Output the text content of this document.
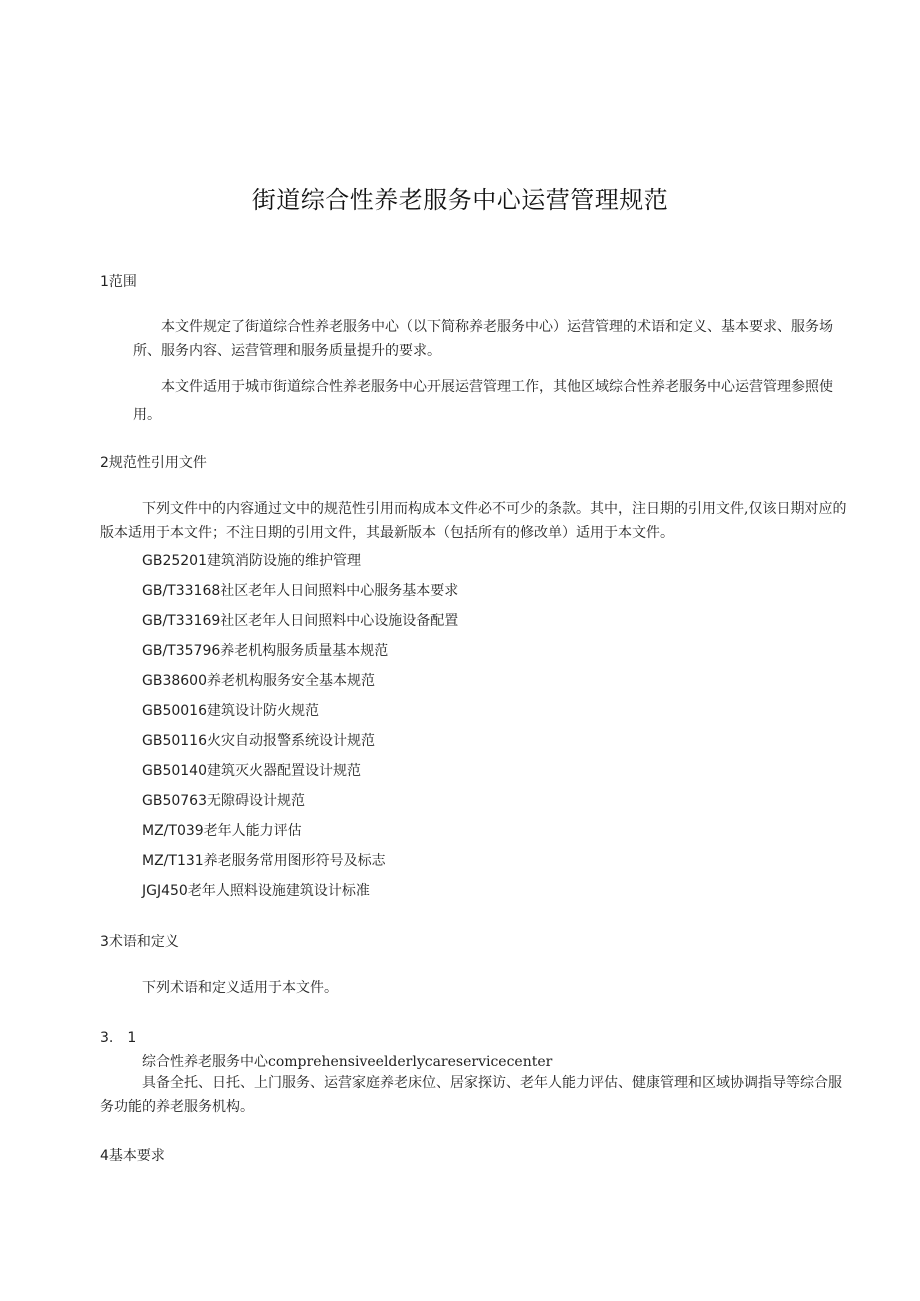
街道综合性养老服务中心运营管理规范
1范围
本文件规定了街道综合性养老服务中心（以下简称养老服务中心）运营管理的术语和定义、基本要求、服务场所、服务内容、运营管理和服务质量提升的要求。
本文件适用于城市街道综合性养老服务中心开展运营管理工作，其他区域综合性养老服务中心运营管理参照使用。
2规范性引用文件
下列文件中的内容通过文中的规范性引用而构成本文件必不可少的条款。其中，注日期的引用文件,仅该日期对应的版本适用于本文件；不注日期的引用文件，其最新版本（包括所有的修改单）适用于本文件。
GB25201建筑消防设施的维护管理
GB/T33168社区老年人日间照料中心服务基本要求
GB/T33169社区老年人日间照料中心设施设备配置
GB/T35796养老机构服务质量基本规范
GB38600养老机构服务安全基本规范
GB50016建筑设计防火规范
GB50116火灾自动报警系统设计规范
GB50140建筑灭火器配置设计规范
GB50763无隙碍设计规范
MZ/T039老年人能力评估
MZ/T131养老服务常用图形符号及标志
JGJ450老年人照料设施建筑设计标准
3术语和定义
下列术语和定义适用于本文件。
3.　1
综合性养老服务中心comprehensiveelderlycareservicecenter
具备全托、日托、上门服务、运营家庭养老床位、居家探访、老年人能力评估、健康管理和区域协调指导等综合服务功能的养老服务机构。
4基本要求
